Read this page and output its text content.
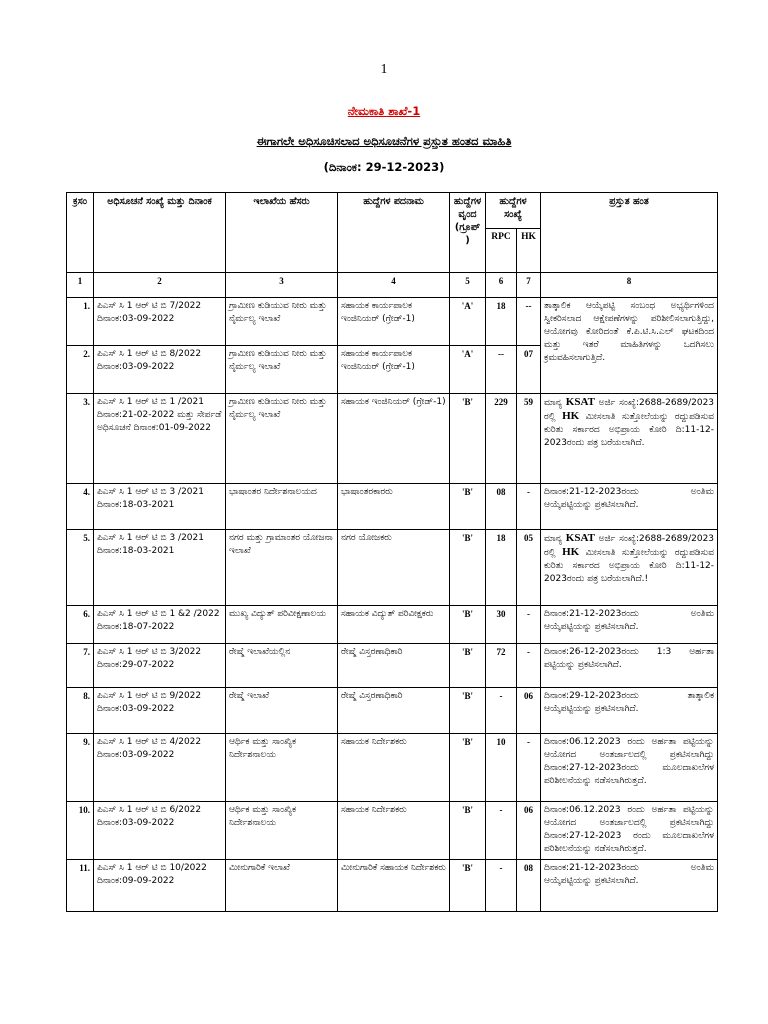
1
ನೇಮಕಾತಿ ಶಾಖೆ-1
ಈಗಾಗಲೇ ಅಧಿಸೂಚಿಸಲಾದ ಅಧಿಸೂಚನೆಗಳ ಪ್ರಸ್ತುತ ಹಂತದ ಮಾಹಿತಿ
(ದಿನಾಂಕ: 29-12-2023)
ಕ್ರಸಂ	ಅಧಿಸೂಚನೆ ಸಂಖ್ಯೆ ಮತ್ತು ದಿನಾಂಕ	ಇಲಾಖೆಯ ಹೆಸರು	ಹುದ್ದೆಗಳ ಪದನಾಮ	ಹುದ್ದೆಗಳ ವೃಂದ (ಗ್ರೂಪ್)	ಹುದ್ದೆಗಳ ಸಂಖ್ಯೆ		ಪ್ರಸ್ತುತ ಹಂತ
					RPC	HK	
1	2	3	4	5	6	7	8
1.	ಪಿಎಸ್ ಸಿ 1 ಆರ್ ಟಿ ಬಿ 7/2022 ದಿನಾಂಕ:03-09-2022	ಗ್ರಾಮೀಣ ಕುಡಿಯುವ ನೀರು ಮತ್ತು ನೈರ್ಮಲ್ಯ ಇಲಾಖೆ	ಸಹಾಯಕ ಕಾರ್ಯಪಾಲಕ ಇಂಜಿನಿಯರ್ (ಗ್ರೇಡ್-1)	'A'	18	--	ತಾತ್ಕಾಲಿಕ ಆಯ್ಕೆಪಟ್ಟಿ ಸಂಬಂಧ ಅಭ್ಯರ್ಥಿಗಳಿಂದ ಸ್ವೀಕರಿಸಲಾದ ಆಕ್ಷೇಪಣೆಗಳನ್ನು ಪರಿಶೀಲಿಸಲಾಗುತ್ತಿದ್ದು, ಆಯೋಗವು ಕೋರಿದಂತೆ ಕೆ.ಪಿ.ಟಿ.ಸಿ.ಎಲ್ ಘಟಕದಿಂದ ಮತ್ತು ಇತರೆ ಮಾಹಿತಿಗಳನ್ನು ಒದಗಿಸಲು ಕ್ರಮವಹಿಸಲಾಗುತ್ತಿದೆ.
2.	ಪಿಎಸ್ ಸಿ 1 ಆರ್ ಟಿ ಬಿ 8/2022 ದಿನಾಂಕ:03-09-2022	ಗ್ರಾಮೀಣ ಕುಡಿಯುವ ನೀರು ಮತ್ತು ನೈರ್ಮಲ್ಯ ಇಲಾಖೆ	ಸಹಾಯಕ ಕಾರ್ಯಪಾಲಕ ಇಂಜಿನಿಯರ್ (ಗ್ರೇಡ್-1)	'A'	--	07	
3.	ಪಿಎಸ್ ಸಿ 1 ಆರ್ ಟಿ ಬಿ 1 /2021 ದಿನಾಂಕ:21-02-2022 ಮತ್ತು ಸೇರ್ಪಡೆ ಅಧಿಸೂಚನೆ ದಿನಾಂಕ:01-09-2022	ಗ್ರಾಮೀಣ ಕುಡಿಯುವ ನೀರು ಮತ್ತು ನೈರ್ಮಲ್ಯ ಇಲಾಖೆ	ಸಹಾಯಕ ಇಂಜಿನಿಯರ್ (ಗ್ರೇಡ್-1)	'B'	229	59	ಮಾನ್ಯ KSAT ಅರ್ಜಿ ಸಂಖ್ಯೆ:2688-2689/2023 ರಲ್ಲಿ HK ಮೀಸಲಾತಿ ಸುತ್ತೋಲೆಯನ್ನು ರದ್ದುಪಡಿಸುವ ಕುರಿತು ಸರ್ಕಾರದ ಅಭಿಪ್ರಾಯ ಕೋರಿ ದಿ:11-12-2023ರಂದು ಪತ್ರ ಬರೆಯಲಾಗಿದೆ.
4.	ಪಿಎಸ್ ಸಿ 1 ಆರ್ ಟಿ ಬಿ 3 /2021 ದಿನಾಂಕ:18-03-2021	ಭಾಷಾಂತರ ನಿರ್ದೇಶನಾಲಯದ	ಭಾಷಾಂತರಕಾರರು	'B'	08	-	ದಿನಾಂಕ:21-12-2023ರಂದು ಅಂತಿಮ ಆಯ್ಕೆಪಟ್ಟಿಯನ್ನು ಪ್ರಕಟಿಸಲಾಗಿದೆ.
5.	ಪಿಎಸ್ ಸಿ 1 ಆರ್ ಟಿ ಬಿ 3 /2021 ದಿನಾಂಕ:18-03-2021	ನಗರ ಮತ್ತು ಗ್ರಾಮಾಂತರ ಯೋಜನಾ ಇಲಾಖೆ	ನಗರ ಯೋಜಕರು	'B'	18	05	ಮಾನ್ಯ KSAT ಅರ್ಜಿ ಸಂಖ್ಯೆ:2688-2689/2023 ರಲ್ಲಿ HK ಮೀಸಲಾತಿ ಸುತ್ತೋಲೆಯನ್ನು ರದ್ದುಪಡಿಸುವ ಕುರಿತು ಸರ್ಕಾರದ ಅಭಿಪ್ರಾಯ ಕೋರಿ ದಿ:11-12-2023ರಂದು ಪತ್ರ ಬರೆಯಲಾಗಿದೆ.!
6.	ಪಿಎಸ್ ಸಿ 1 ಆರ್ ಟಿ ಬಿ 1 &2 /2022 ದಿನಾಂಕ:18-07-2022	ಮುಖ್ಯ ವಿದ್ಯುತ್ ಪರಿವೀಕ್ಷಣಾಲಯ	ಸಹಾಯಕ ವಿದ್ಯುತ್ ಪರಿವೀಕ್ಷಕರು	'B'	30	-	ದಿನಾಂಕ:21-12-2023ರಂದು ಅಂತಿಮ ಆಯ್ಕೆಪಟ್ಟಿಯನ್ನು ಪ್ರಕಟಿಸಲಾಗಿದೆ.
7.	ಪಿಎಸ್ ಸಿ 1 ಆರ್ ಟಿ ಬಿ 3/2022 ದಿನಾಂಕ:29-07-2022	ರೇಷ್ಮೆ ಇಲಾಖೆಯಲ್ಲಿನ	ರೇಷ್ಮೆ ವಿಸ್ತರಣಾಧಿಕಾರಿ	'B'	72	-	ದಿನಾಂಕ:26-12-2023ರಂದು 1:3 ಅರ್ಹತಾ ಪಟ್ಟಿಯನ್ನು ಪ್ರಕಟಿಸಲಾಗಿದೆ.
8.	ಪಿಎಸ್ ಸಿ 1 ಆರ್ ಟಿ ಬಿ 9/2022 ದಿನಾಂಕ:03-09-2022	ರೇಷ್ಮೆ ಇಲಾಖೆ	ರೇಷ್ಮೆ ವಿಸ್ತರಣಾಧಿಕಾರಿ	'B'	-	06	ದಿನಾಂಕ:29-12-2023ರಂದು ತಾತ್ಕಾಲಿಕ ಆಯ್ಕೆಪಟ್ಟಿಯನ್ನು ಪ್ರಕಟಿಸಲಾಗಿದೆ.
9.	ಪಿಎಸ್ ಸಿ 1 ಆರ್ ಟಿ ಬಿ 4/2022 ದಿನಾಂಕ:03-09-2022	ಆರ್ಥಿಕ ಮತ್ತು ಸಾಂಖ್ಯಿಕ ನಿರ್ದೇಶನಾಲಯ	ಸಹಾಯಕ ನಿರ್ದೇಶಕರು	'B'	10	-	ದಿನಾಂಕ:06.12.2023 ರಂದು ಅರ್ಹತಾ ಪಟ್ಟಿಯನ್ನು ಆಯೋಗದ ಅಂತರ್ಜಾಲದಲ್ಲಿ ಪ್ರಕಟಿಸಲಾಗಿದ್ದು ದಿನಾಂಕ:27-12-2023ರಂದು ಮೂಲದಾಖಲೆಗಳ ಪರಿಶೀಲನೆಯನ್ನು ನಡೆಸಲಾಗಿರುತ್ತದೆ.
10.	ಪಿಎಸ್ ಸಿ 1 ಆರ್ ಟಿ ಬಿ 6/2022 ದಿನಾಂಕ:03-09-2022	ಆರ್ಥಿಕ ಮತ್ತು ಸಾಂಖ್ಯಿಕ ನಿರ್ದೇಶನಾಲಯ	ಸಹಾಯಕ ನಿರ್ದೇಶಕರು	'B'	-	06	ದಿನಾಂಕ:06.12.2023 ರಂದು ಅರ್ಹತಾ ಪಟ್ಟಿಯನ್ನು ಆಯೋಗದ ಅಂತರ್ಜಾಲದಲ್ಲಿ ಪ್ರಕಟಿಸಲಾಗಿದ್ದು ದಿನಾಂಕ:27-12-2023 ರಂದು ಮೂಲದಾಖಲೆಗಳ ಪರಿಶೀಲನೆಯನ್ನು ನಡೆಸಲಾಗಿರುತ್ತದೆ.
11.	ಪಿಎಸ್ ಸಿ 1 ಆರ್ ಟಿ ಬಿ 10/2022 ದಿನಾಂಕ:09-09-2022	ಮೀನುಗಾರಿಕೆ ಇಲಾಖೆ	ಮೀನುಗಾರಿಕೆ ಸಹಾಯಕ ನಿರ್ದೇಶಕರು	'B'	-	08	ದಿನಾಂಕ:21-12-2023ರಂದು ಅಂತಿಮ ಆಯ್ಕೆಪಟ್ಟಿಯನ್ನು ಪ್ರಕಟಿಸಲಾಗಿದೆ.
